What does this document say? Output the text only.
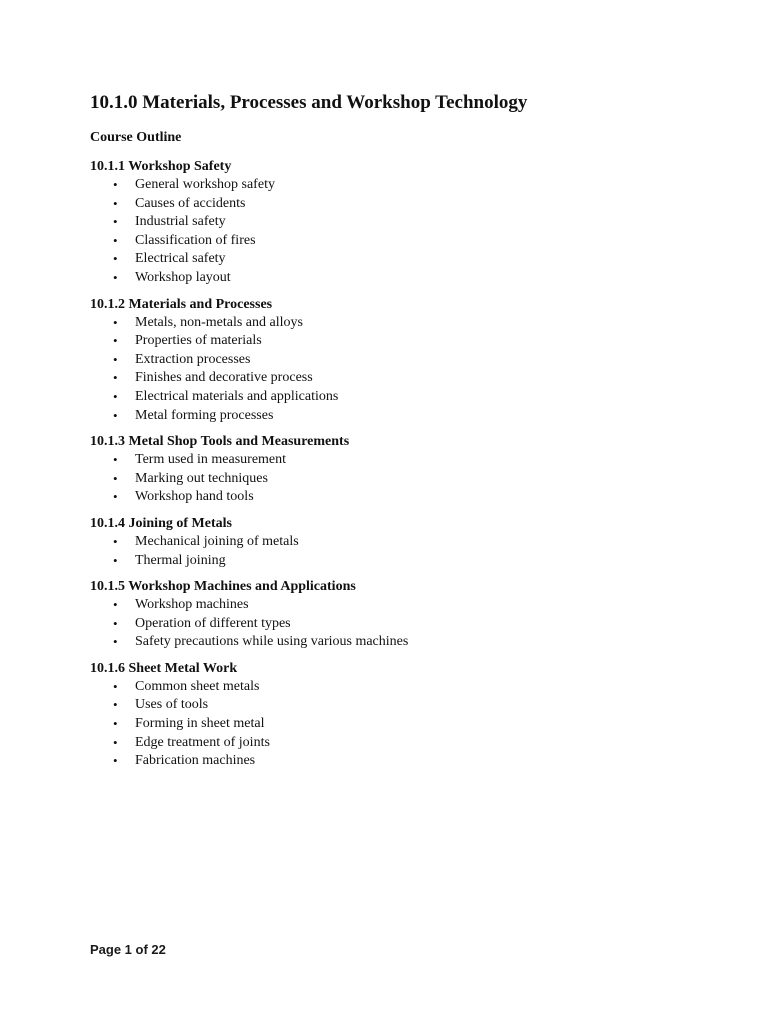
10.1.0 Materials, Processes and Workshop Technology
Course Outline
10.1.1 Workshop Safety
• General workshop safety
• Causes of accidents
• Industrial safety
• Classification of fires
• Electrical safety
• Workshop layout
10.1.2 Materials and Processes
• Metals, non-metals and alloys
• Properties of materials
• Extraction processes
• Finishes and decorative process
• Electrical materials and applications
• Metal forming processes
10.1.3 Metal Shop Tools and Measurements
• Term used in measurement
• Marking out techniques
• Workshop hand tools
10.1.4 Joining of Metals
• Mechanical joining of metals
• Thermal joining
10.1.5 Workshop Machines and Applications
• Workshop machines
• Operation of different types
• Safety precautions while using various machines
10.1.6 Sheet Metal Work
• Common sheet metals
• Uses of tools
• Forming in sheet metal
• Edge treatment of joints
• Fabrication machines
Page 1 of 22
